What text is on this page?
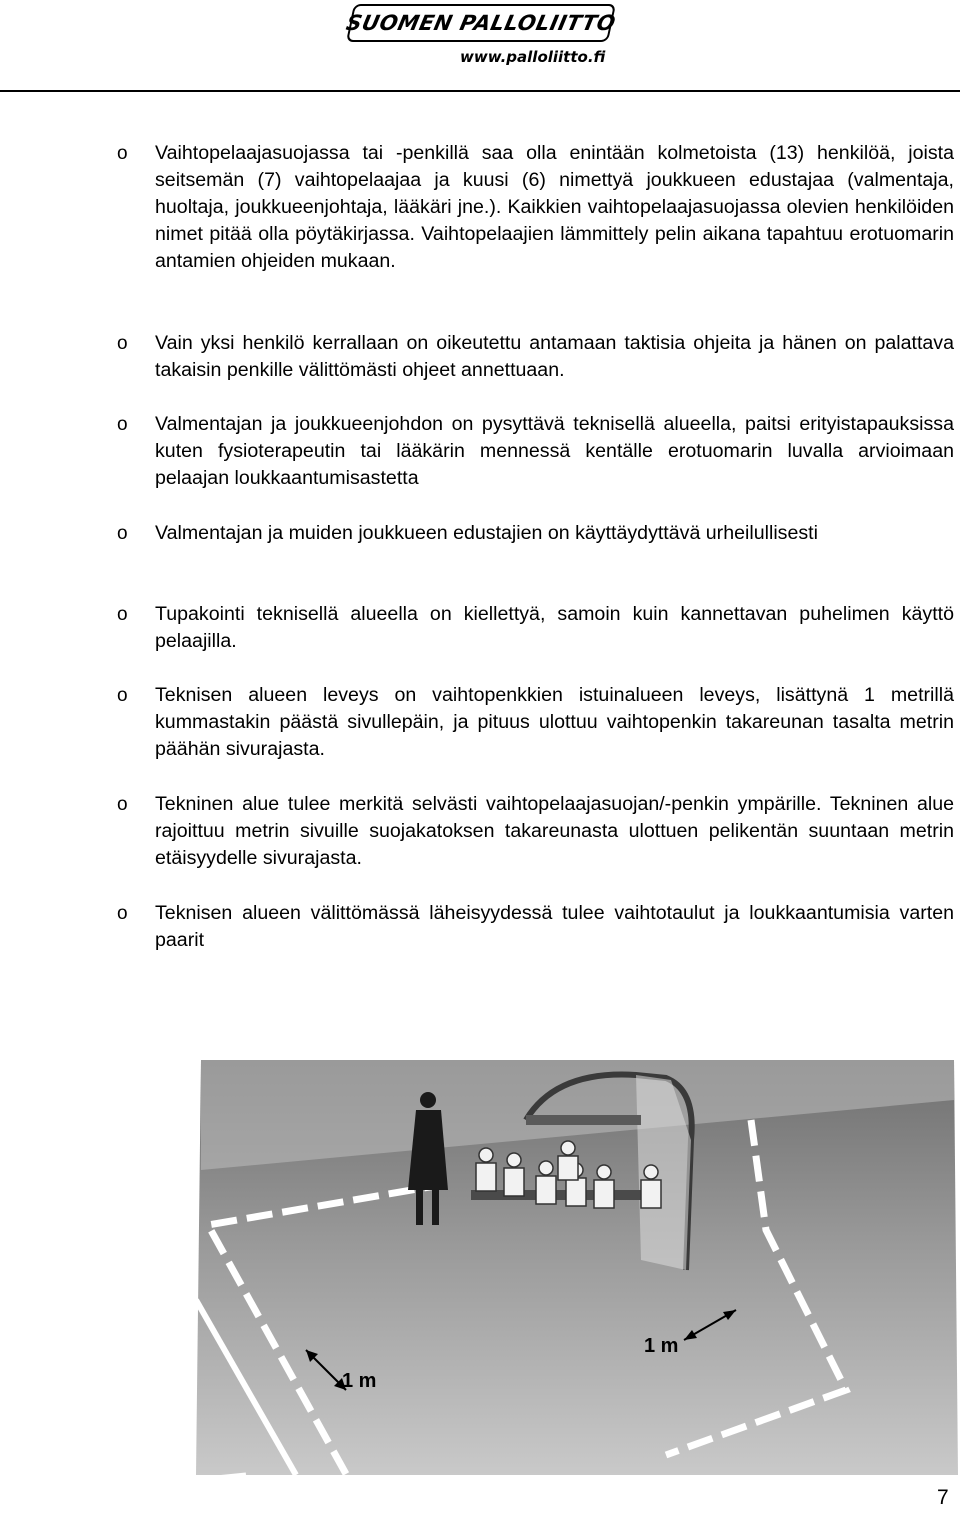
SUOMEN PALLOLIITTO
www.palloliitto.fi
o Vaihtopelaajasuojassa tai -penkillä saa olla enintään kolmetoista (13) henkilöä, joista seitsemän (7) vaihtopelaajaa ja kuusi (6) nimettyä joukkueen edustajaa (valmentaja, huoltaja, joukkueenjohtaja, lääkäri jne.). Kaikkien vaihtopelaajasuojassa olevien henkilöiden nimet pitää olla pöytäkirjassa. Vaihtopelaajien lämmittely pelin aikana tapahtuu erotuomarin antamien ohjeiden mukaan.
o Vain yksi henkilö kerrallaan on oikeutettu antamaan taktisia ohjeita ja hänen on palattava takaisin penkille välittömästi ohjeet annettuaan.
o Valmentajan ja joukkueenjohdon on pysyttävä teknisellä alueella, paitsi erityistapauksissa kuten fysioterapeutin tai lääkärin mennessä kentälle erotuomarin luvalla arvioimaan pelaajan loukkaantumisastetta
o Valmentajan ja muiden joukkueen edustajien on käyttäydyttävä urheilullisesti
o Tupakointi teknisellä alueella on kiellettyä, samoin kuin kannettavan puhelimen käyttö pelaajilla.
o Teknisen alueen leveys on vaihtopenkkien istuinalueen leveys, lisättynä 1 metrillä kummastakin päästä sivullepäin, ja pituus ulottuu vaihtopenkin takareunan tasalta metrin päähän sivurajasta.
o Tekninen alue tulee merkitä selvästi vaihtopelaajasuojan/-penkin ympärille. Tekninen alue rajoittuu metrin sivuille suojakatoksen takareunasta ulottuen pelikentän suuntaan metrin etäisyydelle sivurajasta.
o Teknisen alueen välittömässä läheisyydessä tulee vaihtotaulut ja loukkaantumisia varten paarit
1 m
1 m
7
